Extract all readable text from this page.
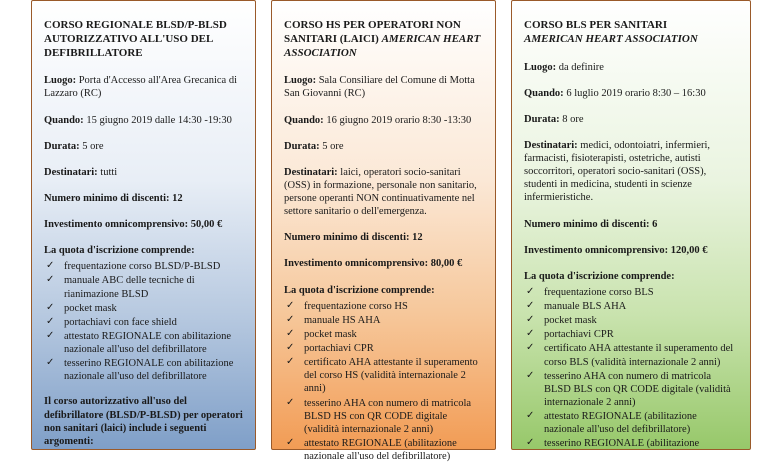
CORSO REGIONALE BLSD/P-BLSD AUTORIZZATIVO ALL'USO DEL DEFIBRILLATORE

Luogo: Porta d'Accesso all'Area Grecanica di Lazzaro (RC)

Quando: 15 giugno 2019 dalle 14:30 -19:30

Durata: 5 ore

Destinatari: tutti

Numero minimo di discenti: 12

Investimento omnicomprensivo: 50,00 €

La quota d'iscrizione comprende:
✓ frequentazione corso BLSD/P-BLSD
✓ manuale ABC delle tecniche di rianimazione BLSD
✓ pocket mask
✓ portachiavi con face shield
✓ attestato REGIONALE con abilitazione nazionale all'uso del defibrillatore
✓ tesserino REGIONALE con abilitazione nazionale all'uso del defibrillatore

Il corso autorizzativo all'uso del defibrillatore (BLSD/P-BLSD) per operatori non sanitari (laici) include i seguenti argomenti:

CORSO HS PER OPERATORI NON SANITARI (LAICI) AMERICAN HEART ASSOCIATION

Luogo: Sala Consiliare del Comune di Motta San Giovanni (RC)

Quando: 16 giugno 2019 orario 8:30 -13:30

Durata: 5 ore

Destinatari: laici, operatori socio-sanitari (OSS) in formazione, personale non sanitario, persone operanti NON continuativamente nel settore sanitario o dell'emergenza.

Numero minimo di discenti: 12

Investimento omnicomprensivo: 80,00 €

La quota d'iscrizione comprende:
✓ frequentazione corso HS
✓ manuale HS AHA
✓ pocket mask
✓ portachiavi CPR
✓ certificato AHA attestante il superamento del corso HS (validità internazionale 2 anni)
✓ tesserino AHA con numero di matricola BLSD HS con QR CODE digitale (validità internazionale 2 anni)
✓ attestato REGIONALE (abilitazione nazionale all'uso del defibrillatore)
CORSO BLS PER SANITARI
AMERICAN HEART ASSOCIATION

Luogo: da definire

Quando: 6 luglio 2019 orario 8:30 – 16:30

Durata: 8 ore

Destinatari: medici, odontoiatri, infermieri, farmacisti, fisioterapisti, ostetriche, autisti soccorritori, operatori socio-sanitari (OSS), studenti in medicina, studenti in scienze infermieristiche.

Numero minimo di discenti: 6

Investimento omnicomprensivo: 120,00 €

La quota d'iscrizione comprende:
✓ frequentazione corso BLS
✓ manuale BLS AHA
✓ pocket mask
✓ portachiavi CPR
✓ certificato AHA attestante il superamento del corso BLS (validità internazionale 2 anni)
✓ tesserino AHA con numero di matricola BLSD BLS con QR CODE digitale (validità internazionale 2 anni)
✓ attestato REGIONALE (abilitazione nazionale all'uso del defibrillatore)
✓ tesserino REGIONALE (abilitazione
